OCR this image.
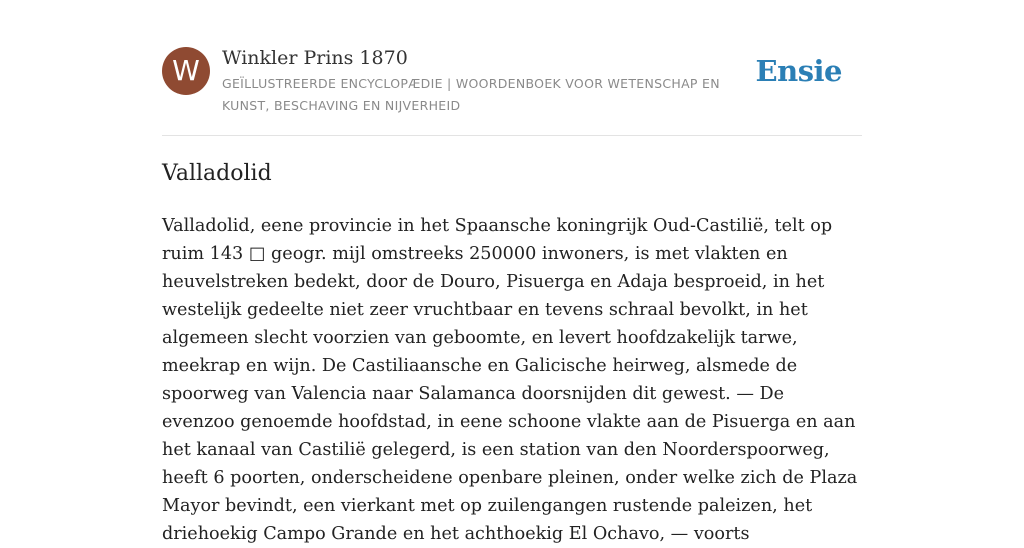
W	Winkler Prins 1870
GEÏLLUSTREERDE ENCYCLOPÆDIE | WOORDENBOEK VOOR WETENSCHAP EN KUNST, BESCHAVING EN NIJVERHEID
Ensie
Valladolid

Valladolid, eene provincie in het Spaansche koningrijk Oud-Castilië, telt op ruim 143 □ geogr. mijl omstreeks 250000 inwoners, is met vlakten en heuvelstreken bedekt, door de Douro, Pisuerga en Adaja besproeid, in het westelijk gedeelte niet zeer vruchtbaar en tevens schraal bevolkt, in het algemeen slecht voorzien van geboomte, en levert hoofdzakelijk tarwe, meekrap en wijn. De Castiliaansche en Galicische heirweg, alsmede de spoorweg van Valencia naar Salamanca doorsnijden dit gewest. — De evenzoo genoemde hoofdstad, in eene schoone vlakte aan de Pisuerga en aan het kanaal van Castilië gelegerd, is een station van den Noorderspoorweg, heeft 6 poorten, onderscheidene openbare pleinen, onder welke zich de Plaza Mayor bevindt, een vierkant met op zuilengangen rustende paleizen, het driehoekig Campo Grande en het achthoekig El Ochavo, — voorts
